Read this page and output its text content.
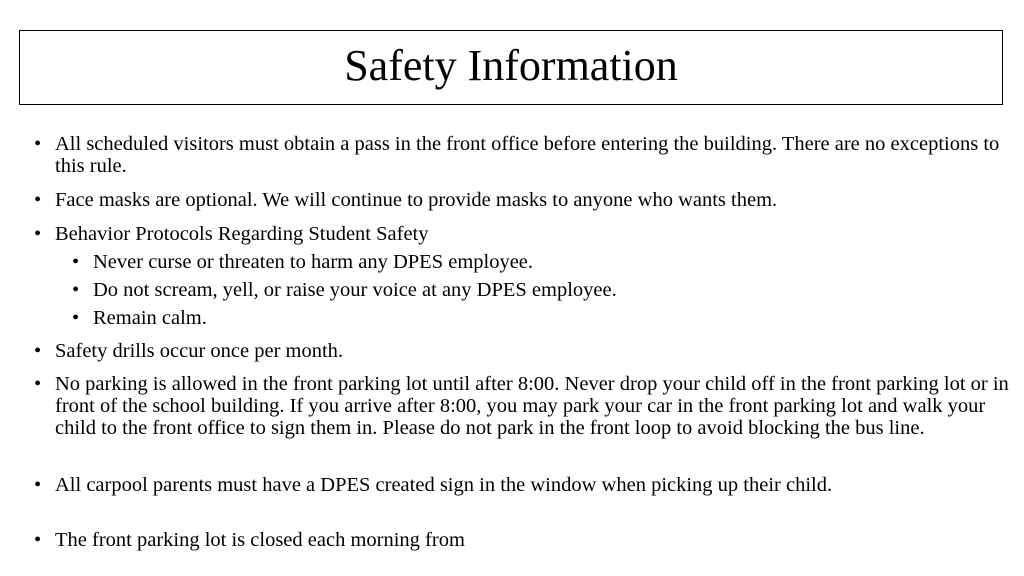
Safety Information
• All scheduled visitors must obtain a pass in the front office before entering the building. There are no exceptions to this rule.
• Face masks are optional. We will continue to provide masks to anyone who wants them.
• Behavior Protocols Regarding Student Safety
• Never curse or threaten to harm any DPES employee.
• Do not scream, yell, or raise your voice at any DPES employee.
• Remain calm.
• Safety drills occur once per month.
• No parking is allowed in the front parking lot until after 8:00. Never drop your child off in the front parking lot or in front of the school building. If you arrive after 8:00, you may park your car in the front parking lot and walk your child to the front office to sign them in. Please do not park in the front loop to avoid blocking the bus line.
• All carpool parents must have a DPES created sign in the window when picking up their child.
• The front parking lot is closed each morning from
